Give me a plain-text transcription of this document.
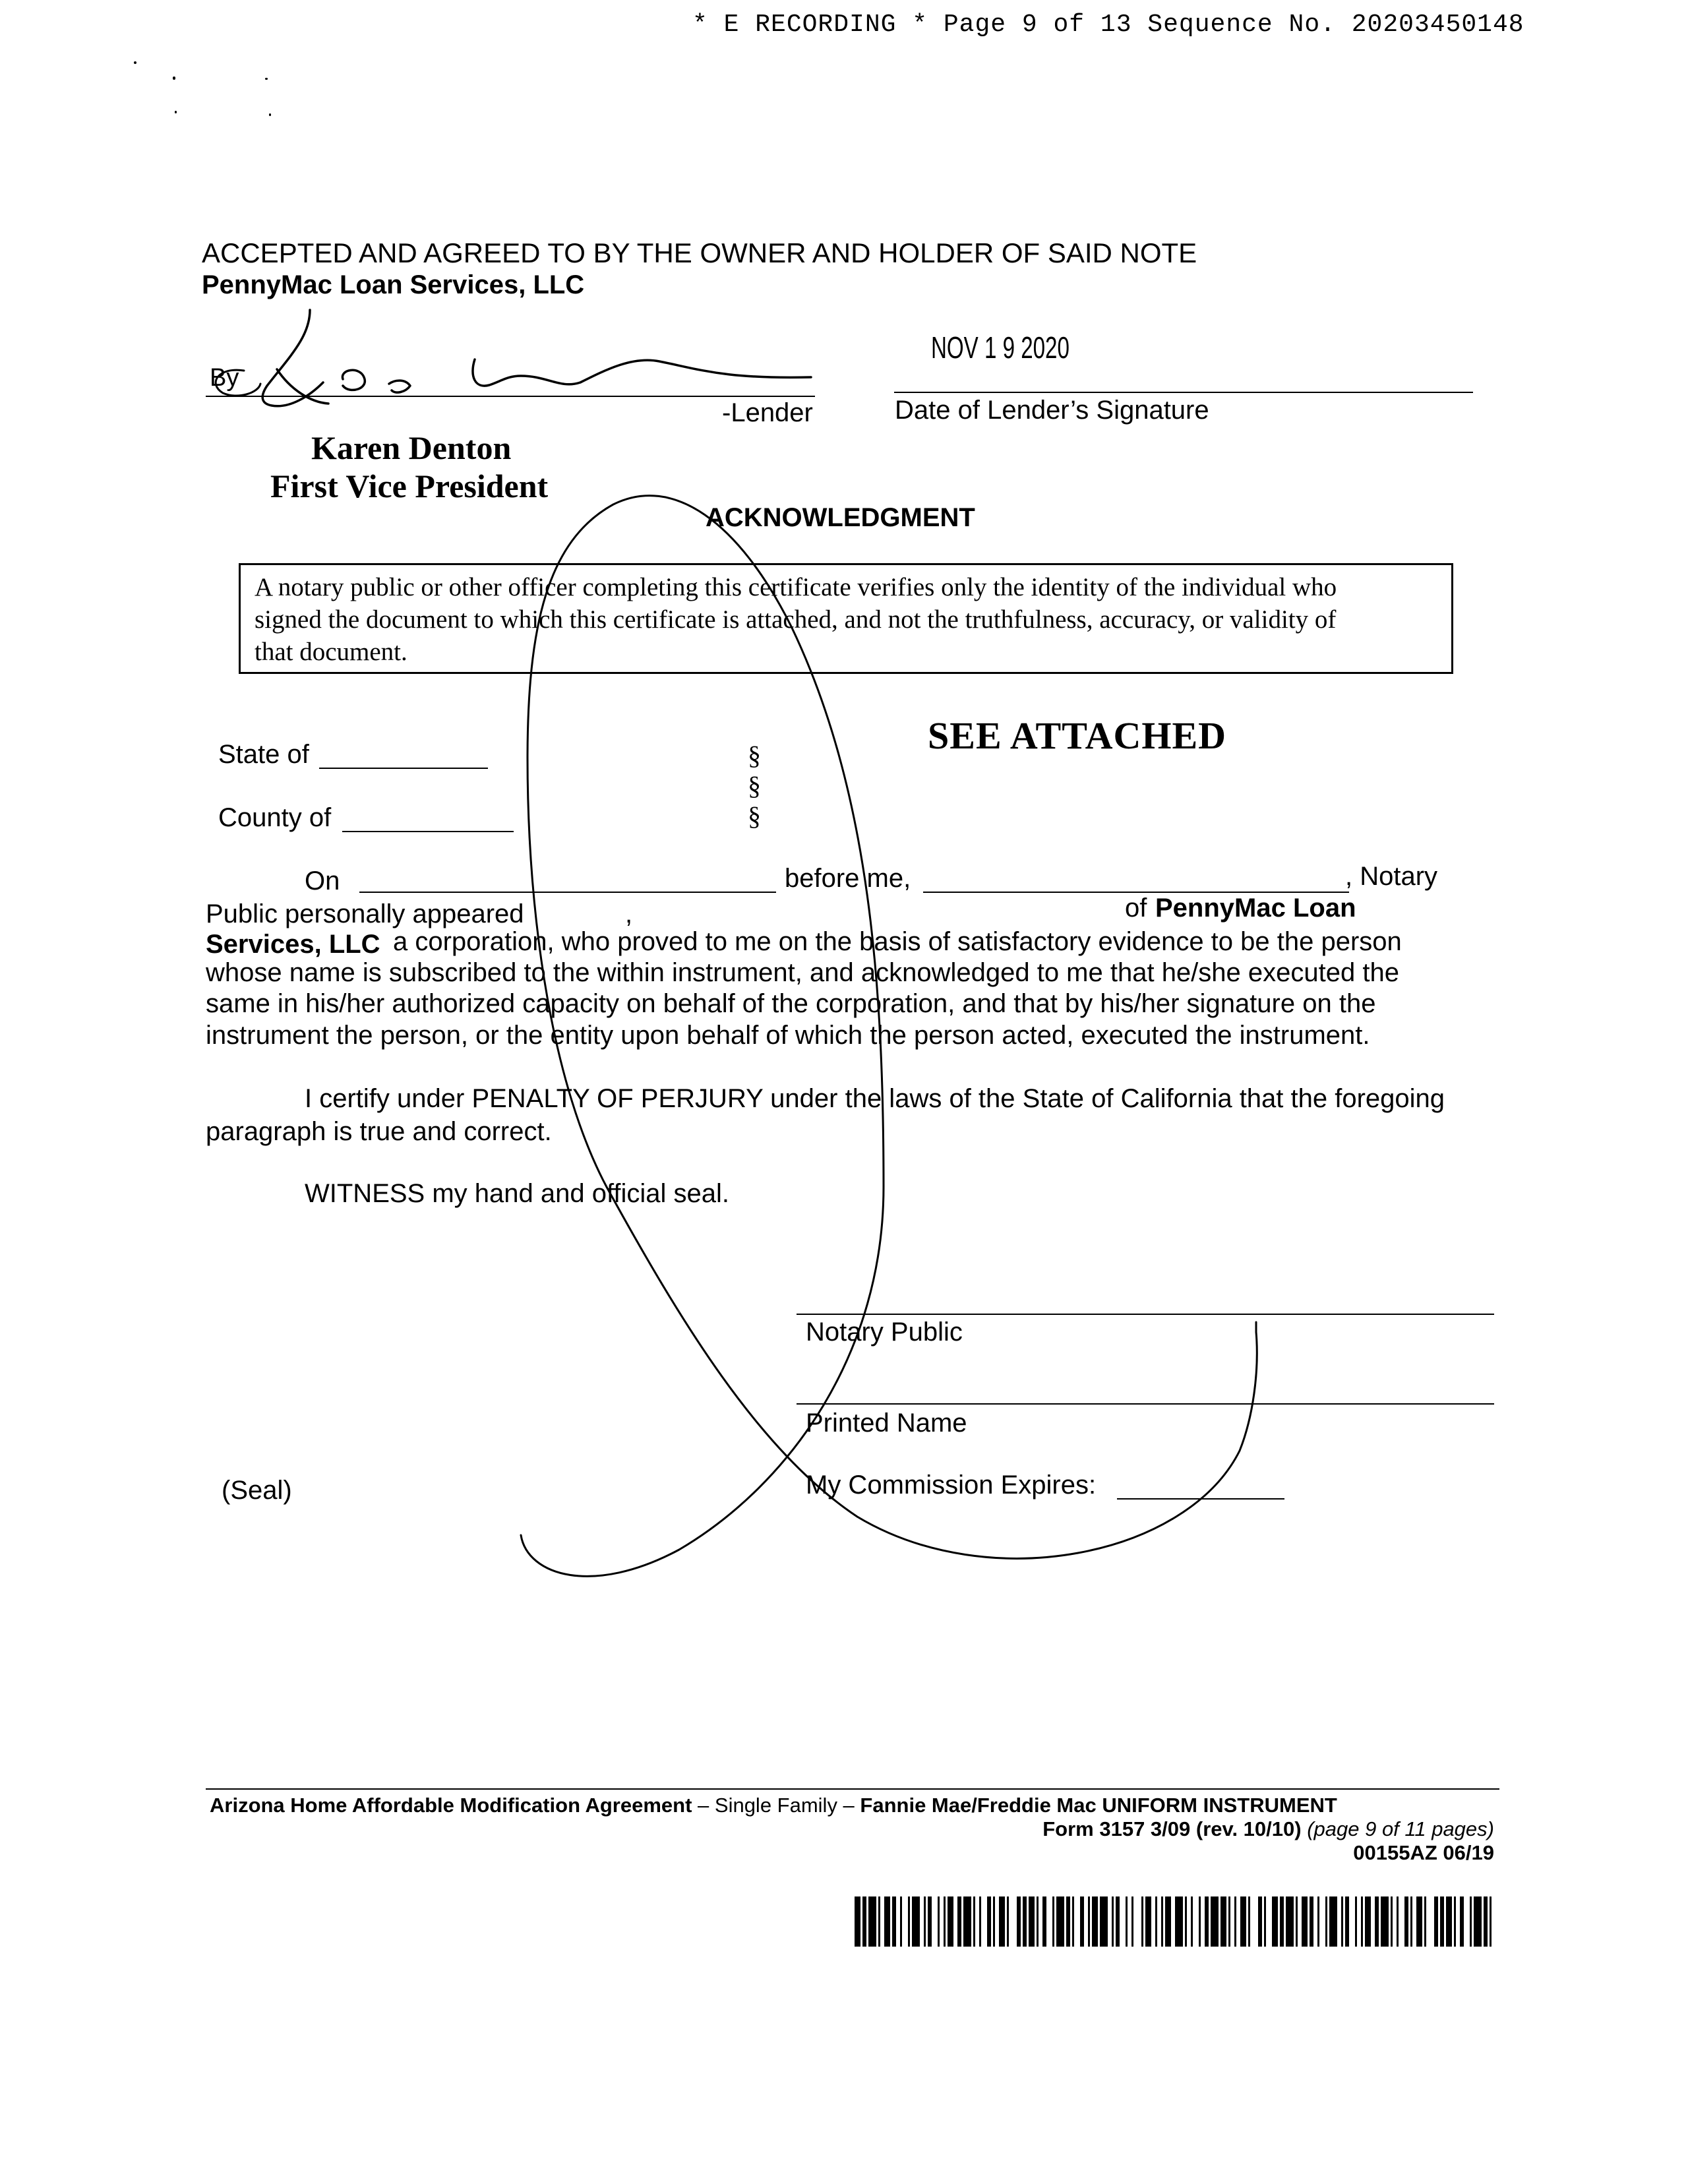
* E RECORDING * Page 9 of 13 Sequence No. 20203450148
ACCEPTED AND AGREED TO BY THE OWNER AND HOLDER OF SAID NOTE
PennyMac Loan Services, LLC
By
-Lender
NOV 1 9 2020
Date of Lender’s Signature
Karen Denton
First Vice President
ACKNOWLEDGMENT
A notary public or other officer completing this certificate verifies only the identity of the individual who
signed the document to which this certificate is attached, and not the truthfulness, accuracy, or validity of
that document.
State of
County of
§
§
§
SEE ATTACHED
On	before me,	, Notary
Public personally appeared	,	of PennyMac Loan
Services, LLC a corporation, who proved to me on the basis of satisfactory evidence to be the person
whose name is subscribed to the within instrument, and acknowledged to me that he/she executed the
same in his/her authorized capacity on behalf of the corporation, and that by his/her signature on the
instrument the person, or the entity upon behalf of which the person acted, executed the instrument.
I certify under PENALTY OF PERJURY under the laws of the State of California that the foregoing
paragraph is true and correct.
WITNESS my hand and official seal.
Notary Public
Printed Name
(Seal)	My Commission Expires:
Arizona Home Affordable Modification Agreement – Single Family – Fannie Mae/Freddie Mac UNIFORM INSTRUMENT
Form 3157 3/09 (rev. 10/10) (page 9 of 11 pages)
00155AZ 06/19
